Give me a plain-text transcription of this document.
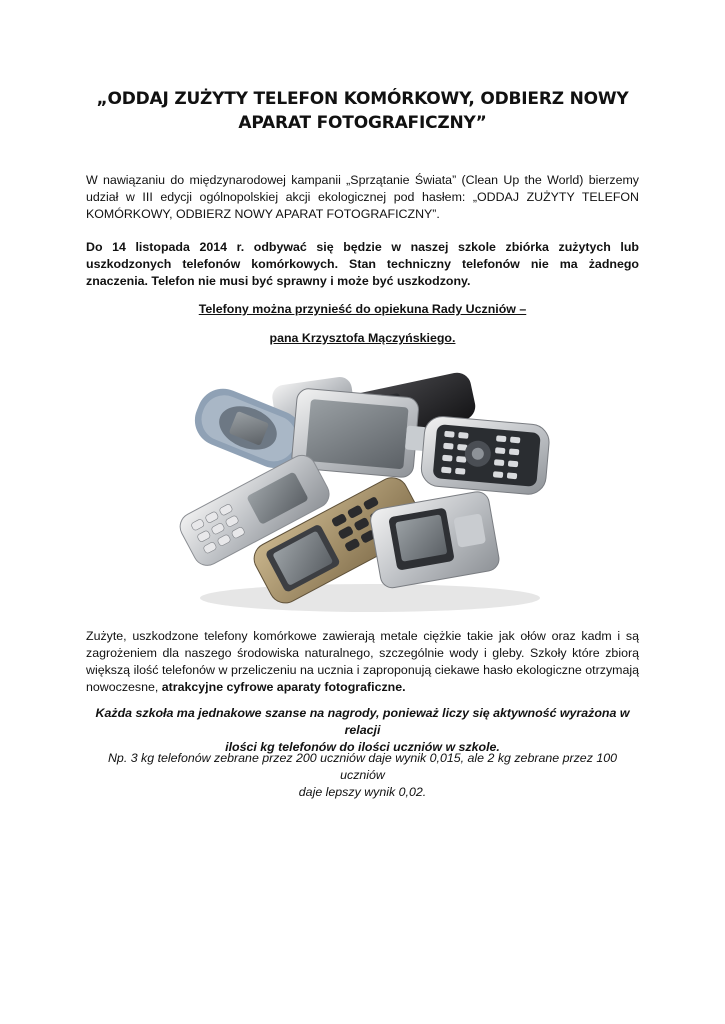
„ODDAJ ZUŻYTY TELEFON KOMÓRKOWY, ODBIERZ NOWY
APARAT FOTOGRAFICZNY”
W nawiązaniu do międzynarodowej kampanii „Sprzątanie Świata” (Clean Up the World) bierzemy udział w III edycji ogólnopolskiej akcji ekologicznej pod hasłem: „ODDAJ ZUŻYTY TELEFON KOMÓRKOWY, ODBIERZ NOWY APARAT FOTOGRAFICZNY”.
Do 14 listopada 2014 r. odbywać się będzie w naszej szkole zbiórka zużytych lub uszkodzonych telefonów komórkowych. Stan techniczny telefonów nie ma żadnego znaczenia. Telefon nie musi być sprawny i może być uszkodzony.
Telefony można przynieść do opiekuna Rady Uczniów –
pana Krzysztofa Mączyńskiego.
Zużyte, uszkodzone telefony komórkowe zawierają metale ciężkie takie jak ołów oraz kadm i są zagrożeniem dla naszego środowiska naturalnego, szczególnie wody i gleby. Szkoły które zbiorą większą ilość telefonów w przeliczeniu na ucznia i zaproponują ciekawe hasło ekologiczne otrzymają nowoczesne, atrakcyjne cyfrowe aparaty fotograficzne.
Każda szkoła ma jednakowe szanse na nagrody, ponieważ liczy się aktywność wyrażona w relacji
ilości kg telefonów do ilości uczniów w szkole.
Np. 3 kg telefonów zebrane przez 200 uczniów daje wynik 0,015, ale 2 kg zebrane przez 100 uczniów
daje lepszy wynik 0,02.
